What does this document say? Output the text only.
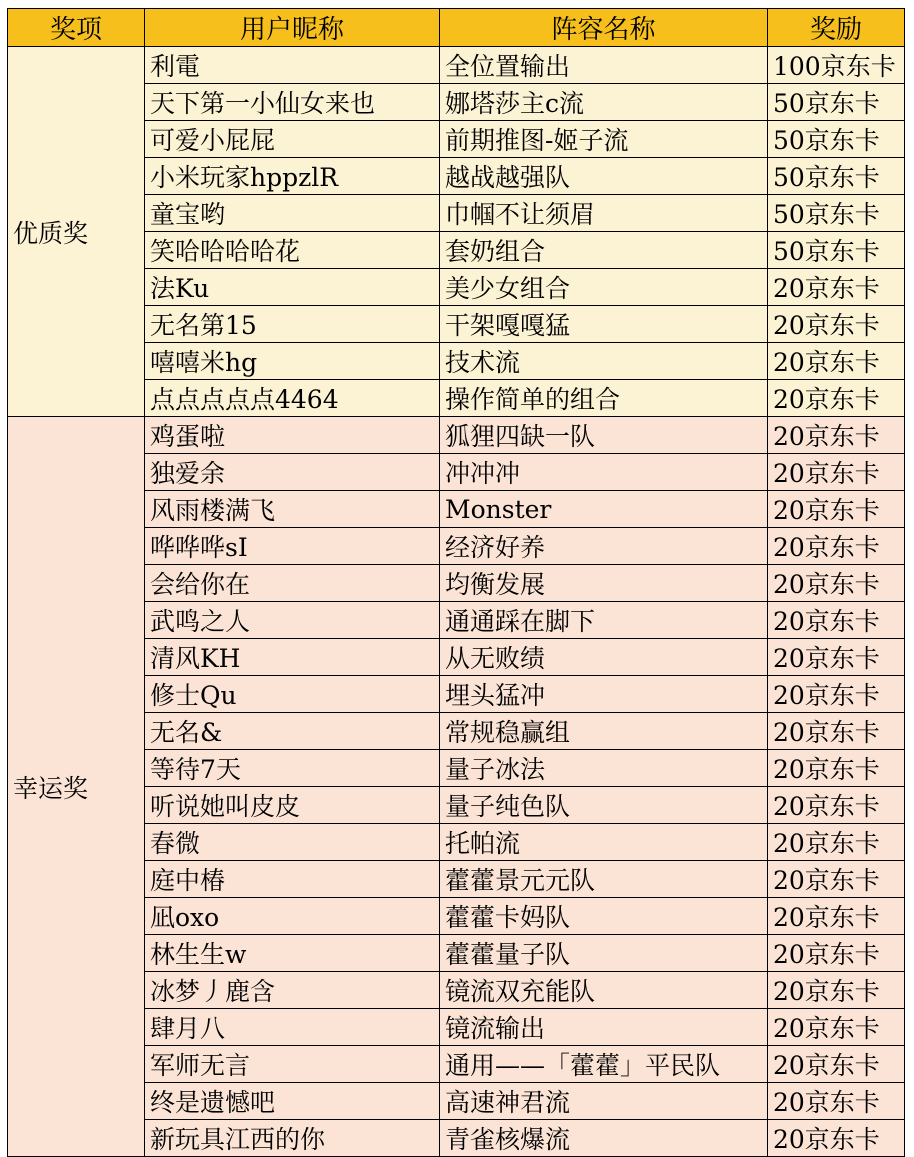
奖项	用户昵称	阵容名称	奖励
优质奖	利電	全位置输出	100京东卡
	天下第一小仙女来也	娜塔莎主c流	50京东卡
	可爱小屁屁	前期推图-姬子流	50京东卡
	小米玩家hppzlR	越战越强队	50京东卡
	童宝哟	巾帼不让须眉	50京东卡
	笑哈哈哈哈花	套奶组合	50京东卡
	法Ku	美少女组合	20京东卡
	无名第15	干架嘎嘎猛	20京东卡
	嘻嘻米hg	技术流	20京东卡
	点点点点点4464	操作简单的组合	20京东卡
幸运奖	鸡蛋啦	狐狸四缺一队	20京东卡
	独爱余	冲冲冲	20京东卡
	风雨楼满飞	Monster	20京东卡
	哗哗哗sI	经济好养	20京东卡
	会给你在	均衡发展	20京东卡
	武鸣之人	通通踩在脚下	20京东卡
	清风KH	从无败绩	20京东卡
	修士Qu	埋头猛冲	20京东卡
	无名&	常规稳赢组	20京东卡
	等待7天	量子冰法	20京东卡
	听说她叫皮皮	量子纯色队	20京东卡
	春微	托帕流	20京东卡
	庭中椿	藿藿景元元队	20京东卡
	凪oxo	藿藿卡妈队	20京东卡
	林生生w	藿藿量子队	20京东卡
	冰梦丿鹿含	镜流双充能队	20京东卡
	肆月八	镜流输出	20京东卡
	军师无言	通用——「藿藿」平民队	20京东卡
	终是遗憾吧	高速神君流	20京东卡
	新玩具江西的你	青雀核爆流	20京东卡
